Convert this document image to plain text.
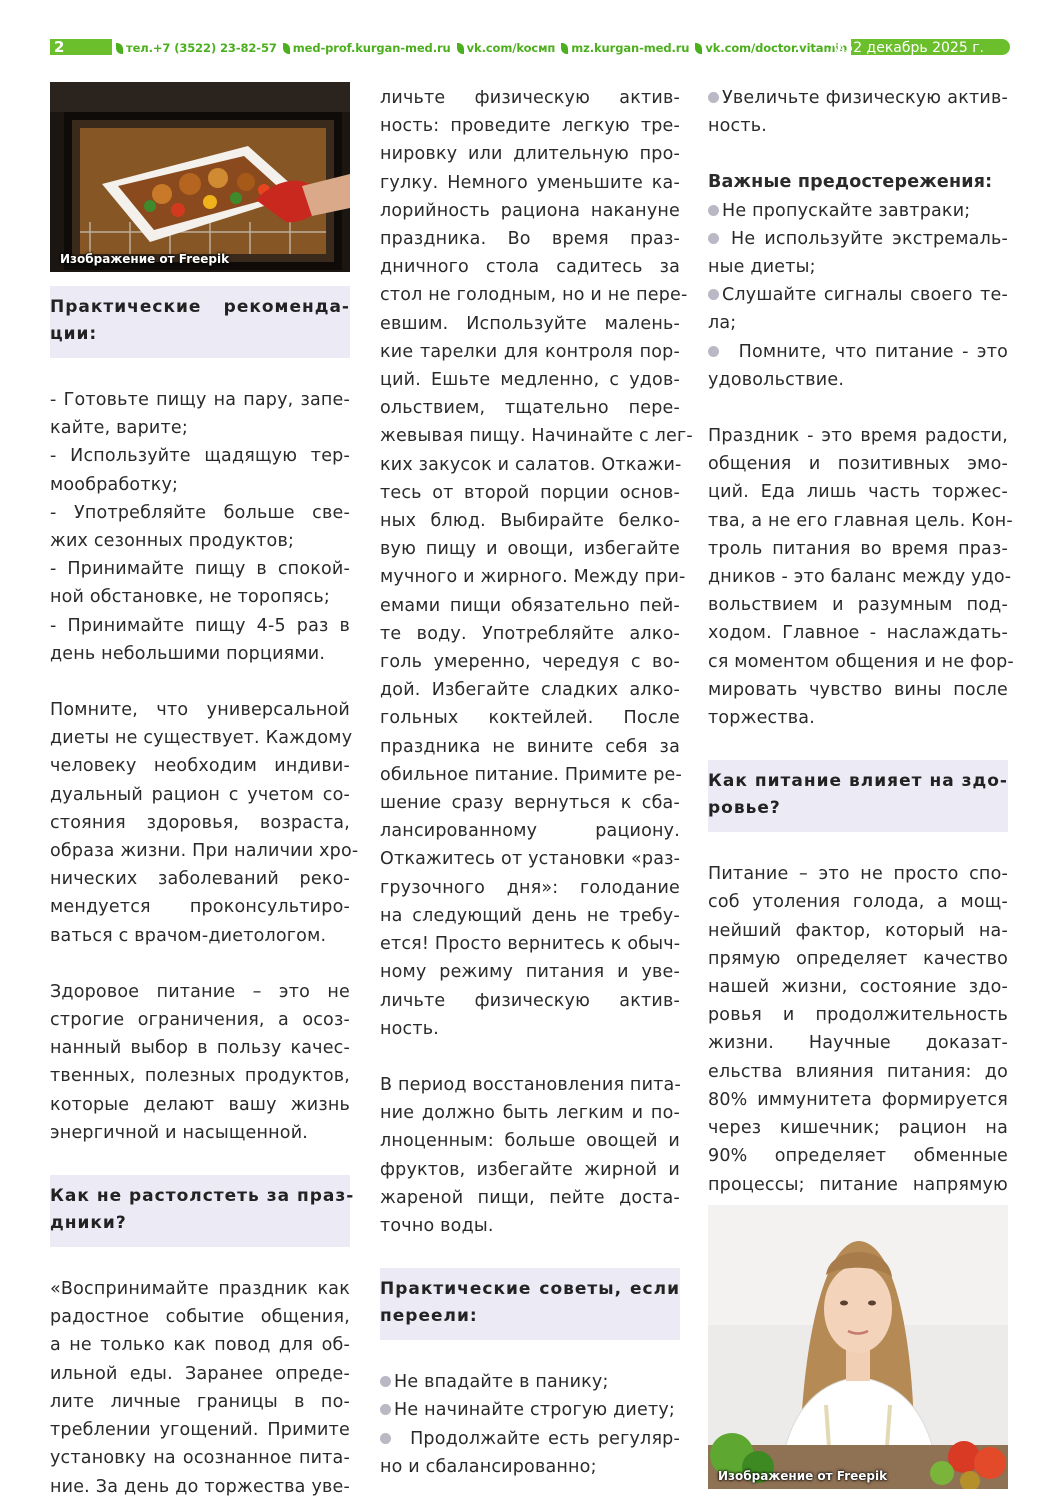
2	тел.+7 (3522) 23-82-57 med-prof.kurgan-med.ru vk.com/kocмп mz.kurgan-med.ru vk.com/doctor.vitamin
№52 декабрь 2025 г.
Изображение от Freepik
Практические рекоменда-
ции:
- Готовьте пищу на пару, запе-
кайте, варите;
- Используйте щадящую тер-
мообработку;
- Употребляйте больше све-
жих сезонных продуктов;
- Принимайте пищу в спокой-
ной обстановке, не торопясь;
- Принимайте пищу 4-5 раз в
день небольшими порциями.
Помните, что универсальной
диеты не существует. Каждому
человеку необходим индиви-
дуальный рацион с учетом со-
стояния здоровья, возраста,
образа жизни. При наличии хро-
нических заболеваний реко-
мендуется проконсультиро-
ваться с врачом-диетологом.
Здоровое питание – это не
строгие ограничения, а осоз-
нанный выбор в пользу качес-
твенных, полезных продуктов,
которые делают вашу жизнь
энергичной и насыщенной.
Как не растолстеть за праз-
дники?
«Воспринимайте праздник как
радостное событие общения,
а не только как повод для об-
ильной еды. Заранее опреде-
лите личные границы в по-
треблении угощений. Примите
установку на осознанное пита-
ние. За день до торжества уве-
личьте физическую актив-
ность: проведите легкую тре-
нировку или длительную про-
гулку. Немного уменьшите ка-
лорийность рациона накануне
праздника. Во время праз-
дничного стола садитесь за
стол не голодным, но и не пере-
евшим. Используйте малень-
кие тарелки для контроля пор-
ций. Ешьте медленно, с удов-
ольствием, тщательно пере-
жевывая пищу. Начинайте с лег-
ких закусок и салатов. Откажи-
тесь от второй порции основ-
ных блюд. Выбирайте белко-
вую пищу и овощи, избегайте
мучного и жирного. Между при-
емами пищи обязательно пей-
те воду. Употребляйте алко-
голь умеренно, чередуя с во-
дой. Избегайте сладких алко-
гольных коктейлей. После
праздника не вините себя за
обильное питание. Примите ре-
шение сразу вернуться к сба-
лансированному рациону.
Откажитесь от установки «раз-
грузочного дня»: голодание
на следующий день не требу-
ется! Просто вернитесь к обыч-
ному режиму питания и уве-
личьте физическую актив-
ность.
В период восстановления пита-
ние должно быть легким и по-
лноценным: больше овощей и
фруктов, избегайте жирной и
жареной пищи, пейте доста-
точно воды.
Практические советы, если
переели:
Не впадайте в панику;
Не начинайте строгую диету;
Продолжайте есть регуляр-
но и сбалансированно;
Увеличьте физическую актив-
ность.
Важные предостережения:
Не пропускайте завтраки;
Не используйте экстремаль-
ные диеты;
Слушайте сигналы своего те-
ла;
Помните, что питание - это
удовольствие.
Праздник - это время радости,
общения и позитивных эмо-
ций. Еда лишь часть торжес-
тва, а не его главная цель. Кон-
троль питания во время праз-
дников - это баланс между удо-
вольствием и разумным под-
ходом. Главное - наслаждать-
ся моментом общения и не фор-
мировать чувство вины после
торжества.
Как питание влияет на здо-
ровье?
Питание – это не просто спо-
соб утоления голода, а мощ-
нейший фактор, который на-
прямую определяет качество
нашей жизни, состояние здо-
ровья и продолжительность
жизни. Научные доказат-
ельства влияния питания: до
80% иммунитета формируется
через кишечник; рацион на
90% определяет обменные
процессы; питание напрямую
Изображение от Freepik
